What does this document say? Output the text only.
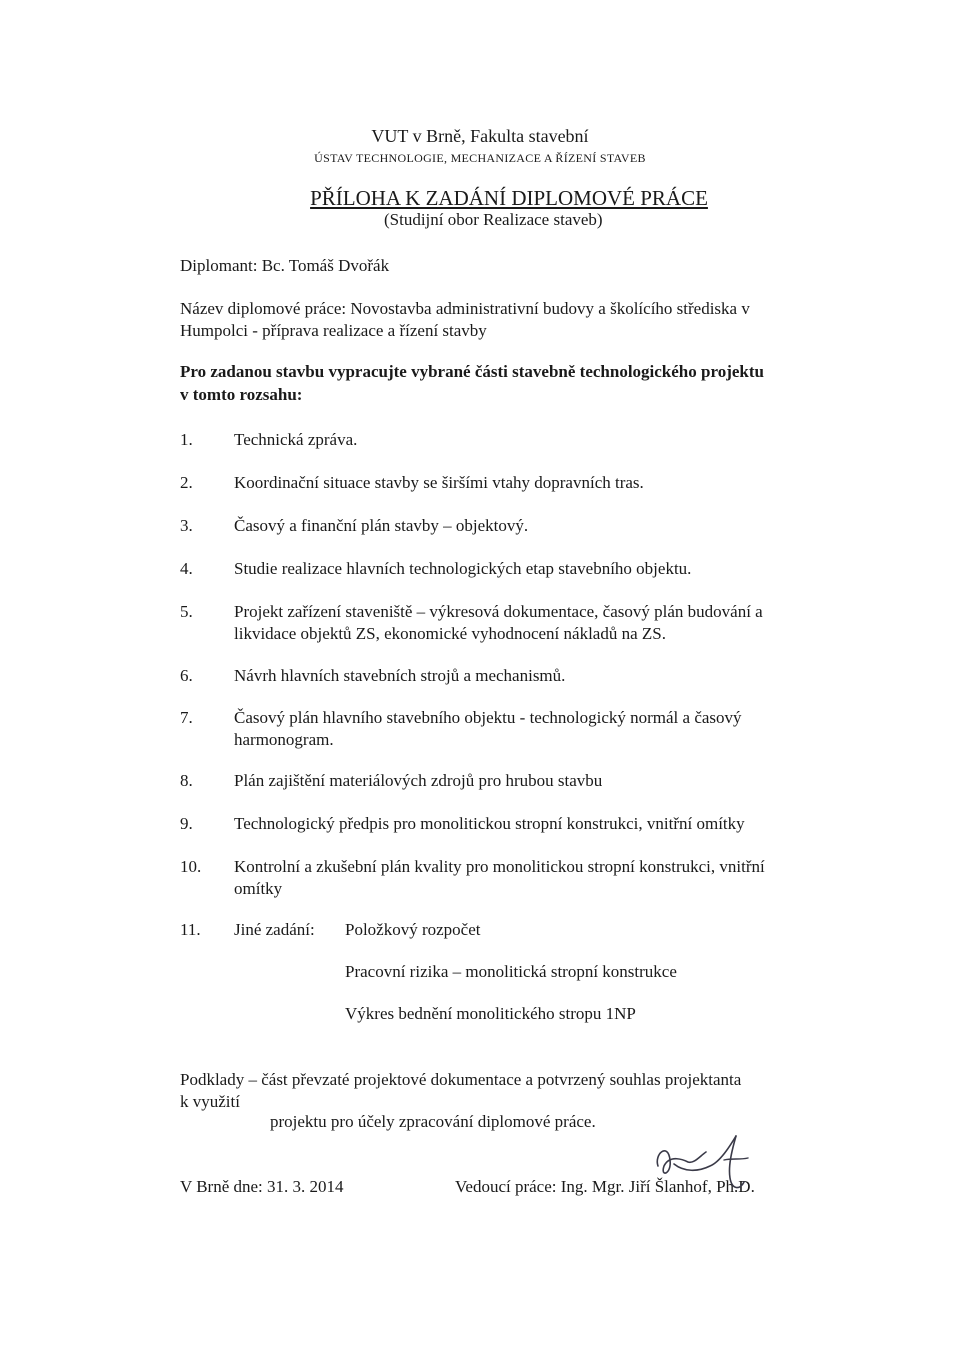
VUT v Brně, Fakulta stavební
ÚSTAV TECHNOLOGIE, MECHANIZACE A ŘÍZENÍ STAVEB
PŘÍLOHA K ZADÁNÍ DIPLOMOVÉ PRÁCE
(Studijní obor Realizace staveb)
Diplomant: Bc. Tomáš Dvořák
Název diplomové práce: Novostavba administrativní budovy a školícího střediska v
Humpolci - příprava realizace a řízení stavby
Pro zadanou stavbu vypracujte vybrané části stavebně technologického projektu
v tomto rozsahu:
1. Technická zpráva.
2. Koordinační situace stavby se širšími vtahy dopravních tras.
3. Časový a finanční plán stavby – objektový.
4. Studie realizace hlavních technologických etap stavebního objektu.
5. Projekt zařízení staveniště – výkresová dokumentace, časový plán budování a
likvidace objektů ZS, ekonomické vyhodnocení nákladů na ZS.
6. Návrh hlavních stavebních strojů a mechanismů.
7. Časový plán hlavního stavebního objektu - technologický normál a časový
harmonogram.
8. Plán zajištění materiálových zdrojů pro hrubou stavbu
9. Technologický předpis pro monolitickou stropní konstrukci, vnitřní omítky
10. Kontrolní a zkušební plán kvality pro monolitickou stropní konstrukci, vnitřní
omítky
11. Jiné zadání: Položkový rozpočet
Pracovní rizika – monolitická stropní konstrukce
Výkres bednění monolitického stropu 1NP
Podklady – část převzaté projektové dokumentace a potvrzený souhlas projektanta
k využití
projektu pro účely zpracování diplomové práce.
V Brně dne: 31. 3. 2014	Vedoucí práce: Ing. Mgr. Jiří Šlanhof, Ph.D.
